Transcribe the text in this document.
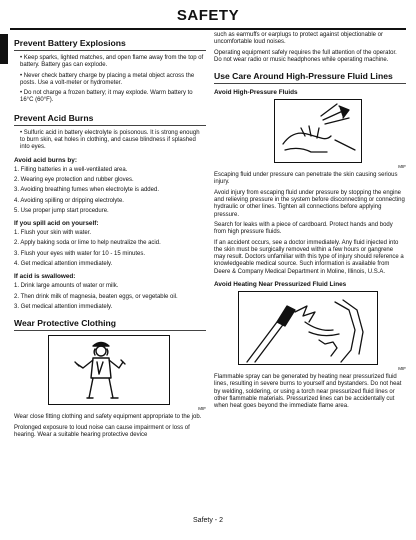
SAFETY
Prevent Battery Explosions
• Keep sparks, lighted matches, and open flame away from the top of battery. Battery gas can explode.
• Never check battery charge by placing a metal object across the posts. Use a volt-meter or hydrometer.
• Do not charge a frozen battery; it may explode. Warm battery to 16°C (60°F).
Prevent Acid Burns
• Sulfuric acid in battery electrolyte is poisonous. It is strong enough to burn skin, eat holes in clothing, and cause blindness if splashed into eyes.
Avoid acid burns by:
1. Filling batteries in a well-ventilated area.
2. Wearing eye protection and rubber gloves.
3. Avoiding breathing fumes when electrolyte is added.
4. Avoiding spilling or dripping electrolyte.
5. Use proper jump start procedure.
If you spill acid on yourself:
1. Flush your skin with water.
2. Apply baking soda or lime to help neutralize the acid.
3. Flush your eyes with water for 10 - 15 minutes.
4. Get medical attention immediately.
If acid is swallowed:
1. Drink large amounts of water or milk.
2. Then drink milk of magnesia, beaten eggs, or vegetable oil.
3. Get medical attention immediately.
Wear Protective Clothing
MIF
Wear close fitting clothing and safety equipment appropriate to the job.
Prolonged exposure to loud noise can cause impairment or loss of hearing. Wear a suitable hearing protective device
such as earmuffs or earplugs to protect against objectionable or uncomfortable loud noises.
Operating equipment safely requires the full attention of the operator. Do not wear radio or music headphones while operating machine.
Use Care Around High-Pressure Fluid Lines
Avoid High-Pressure Fluids
MIF
Escaping fluid under pressure can penetrate the skin causing serious injury.
Avoid injury from escaping fluid under pressure by stopping the engine and relieving pressure in the system before disconnecting or connecting hydraulic or other lines. Tighten all connections before applying pressure.
Search for leaks with a piece of cardboard. Protect hands and body from high pressure fluids.
If an accident occurs, see a doctor immediately. Any fluid injected into the skin must be surgically removed within a few hours or gangrene may result. Doctors unfamiliar with this type of injury should reference a knowledgeable medical source. Such information is available from Deere & Company Medical Department in Moline, Illinois, U.S.A.
Avoid Heating Near Pressurized Fluid Lines
MIF
Flammable spray can be generated by heating near pressurized fluid lines, resulting in severe burns to yourself and bystanders. Do not heat by welding, soldering, or using a torch near pressurized fluid lines or other flammable materials. Pressurized lines can be accidentally cut when heat goes beyond the immediate flame area.
Safety - 2
